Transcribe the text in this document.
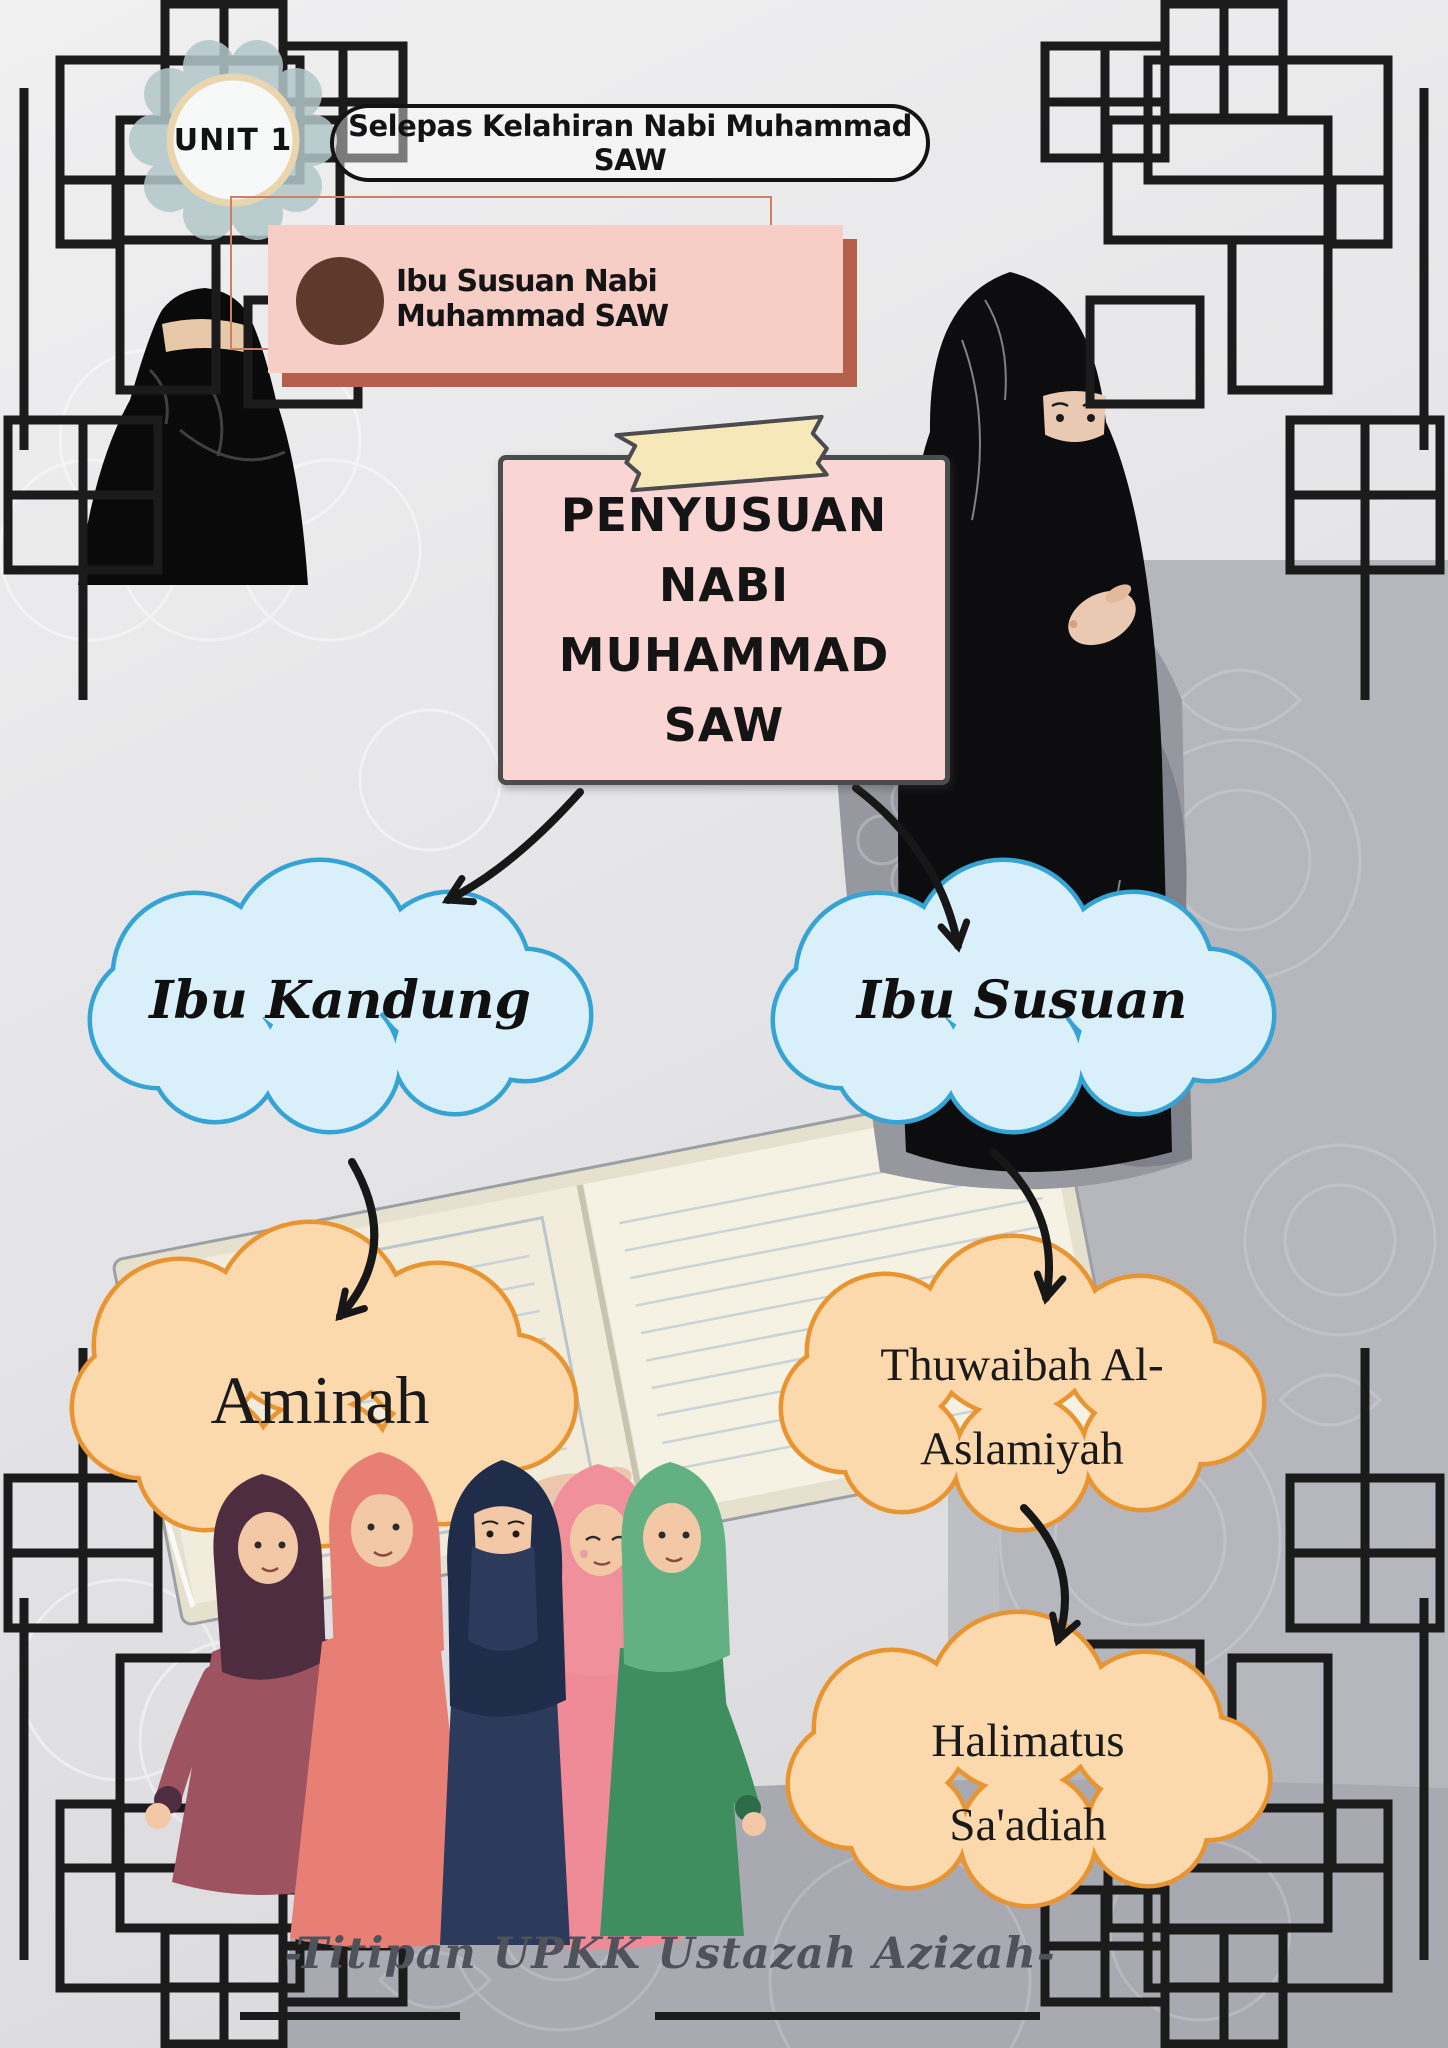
UNIT 1	Selepas Kelahiran Nabi Muhammad SAW
Ibu Susuan Nabi Muhammad SAW
PENYUSUAN
NABI
MUHAMMAD
SAW
Ibu Kandung	Ibu Susuan
Aminah	Thuwaibah Al-
Aslamiyah
Halimatus
Sa'adiah
-Titipan UPKK Ustazah Azizah-
